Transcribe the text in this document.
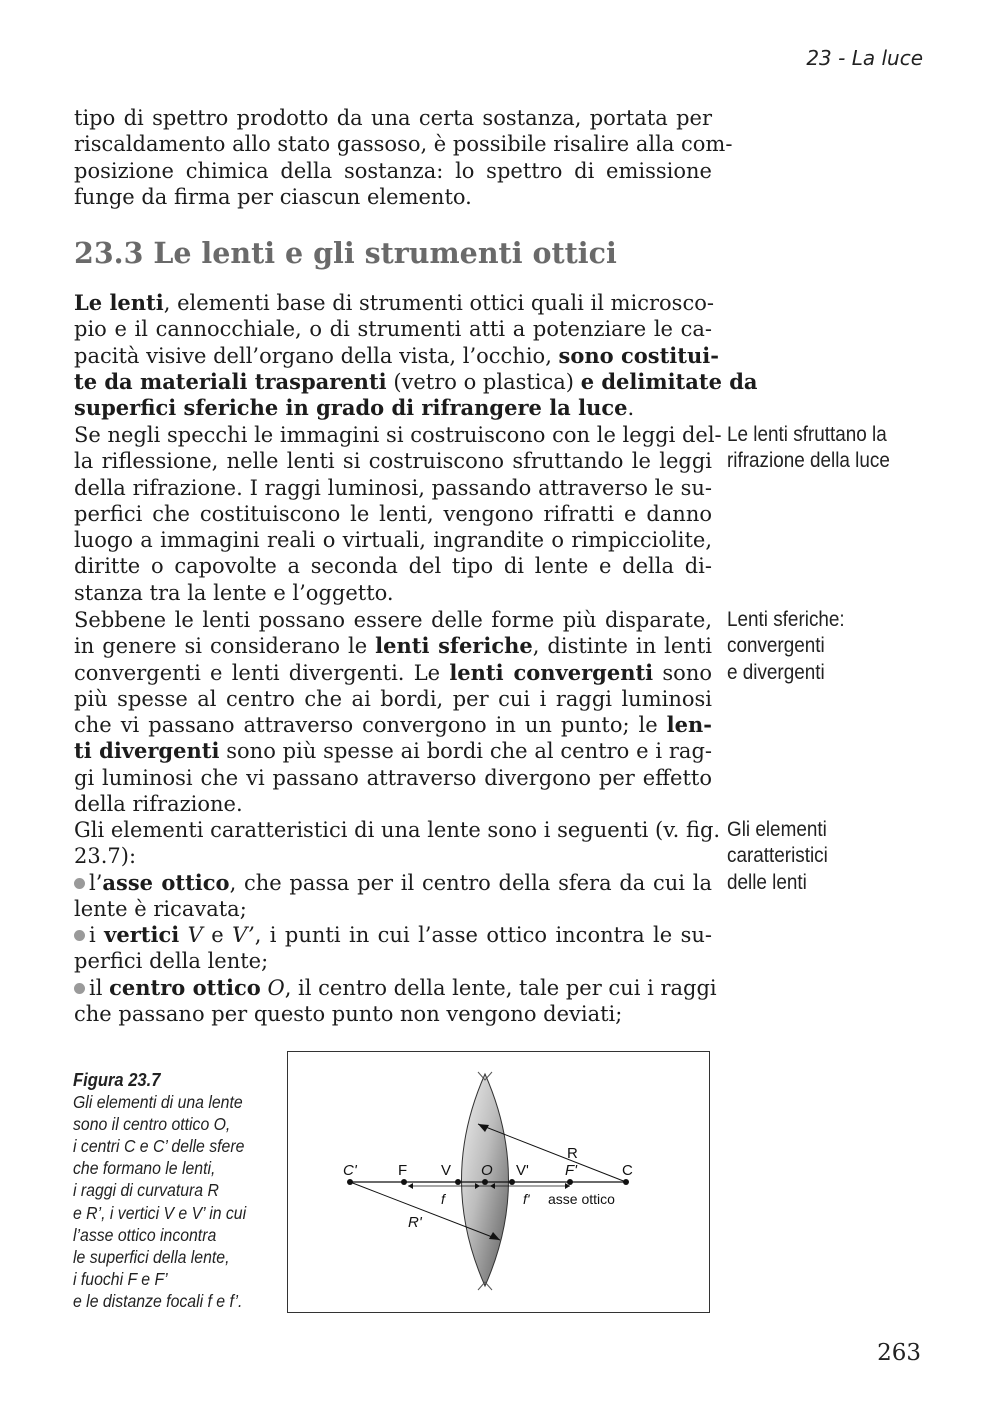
23 - La luce
tipo di spettro prodotto da una certa sostanza, portata per
riscaldamento allo stato gassoso, è possibile risalire alla com-
posizione chimica della sostanza: lo spettro di emissione
funge da firma per ciascun elemento.
23.3 Le lenti e gli strumenti ottici
Le lenti, elementi base di strumenti ottici quali il microsco-
pio e il cannocchiale, o di strumenti atti a potenziare le ca-
pacità visive dell’organo della vista, l’occhio, sono costitui-
te da materiali trasparenti (vetro o plastica) e delimitate da
superfici sferiche in grado di rifrangere la luce.
Se negli specchi le immagini si costruiscono con le leggi del-
la riflessione, nelle lenti si costruiscono sfruttando le leggi
della rifrazione. I raggi luminosi, passando attraverso le su-
perfici che costituiscono le lenti, vengono rifratti e danno
luogo a immagini reali o virtuali, ingrandite o rimpicciolite,
diritte o capovolte a seconda del tipo di lente e della di-
stanza tra la lente e l’oggetto.
Sebbene le lenti possano essere delle forme più disparate,
in genere si considerano le lenti sferiche, distinte in lenti
convergenti e lenti divergenti. Le lenti convergenti sono
più spesse al centro che ai bordi, per cui i raggi luminosi
che vi passano attraverso convergono in un punto; le len-
ti divergenti sono più spesse ai bordi che al centro e i rag-
gi luminosi che vi passano attraverso divergono per effetto
della rifrazione.
Gli elementi caratteristici di una lente sono i seguenti (v. fig.
23.7):
l’asse ottico, che passa per il centro della sfera da cui la
lente è ricavata;
i vertici V e V’, i punti in cui l’asse ottico incontra le su-
perfici della lente;
il centro ottico O, il centro della lente, tale per cui i raggi
che passano per questo punto non vengono deviati;
Le lenti sfruttano la
rifrazione della luce
Lenti sferiche:
convergenti
e divergenti
Gli elementi
caratteristici
delle lenti
Figura 23.7
Gli elementi di una lente
sono il centro ottico O,
i centri C e C’ delle sfere
che formano le lenti,
i raggi di curvatura R
e R’, i vertici V e V’ in cui
l’asse ottico incontra
le superfici della lente,
i fuochi F e F’
e le distanze focali f e f’.
C'	F V O V' F'	C
R
R'
f	f' asse ottico
263
